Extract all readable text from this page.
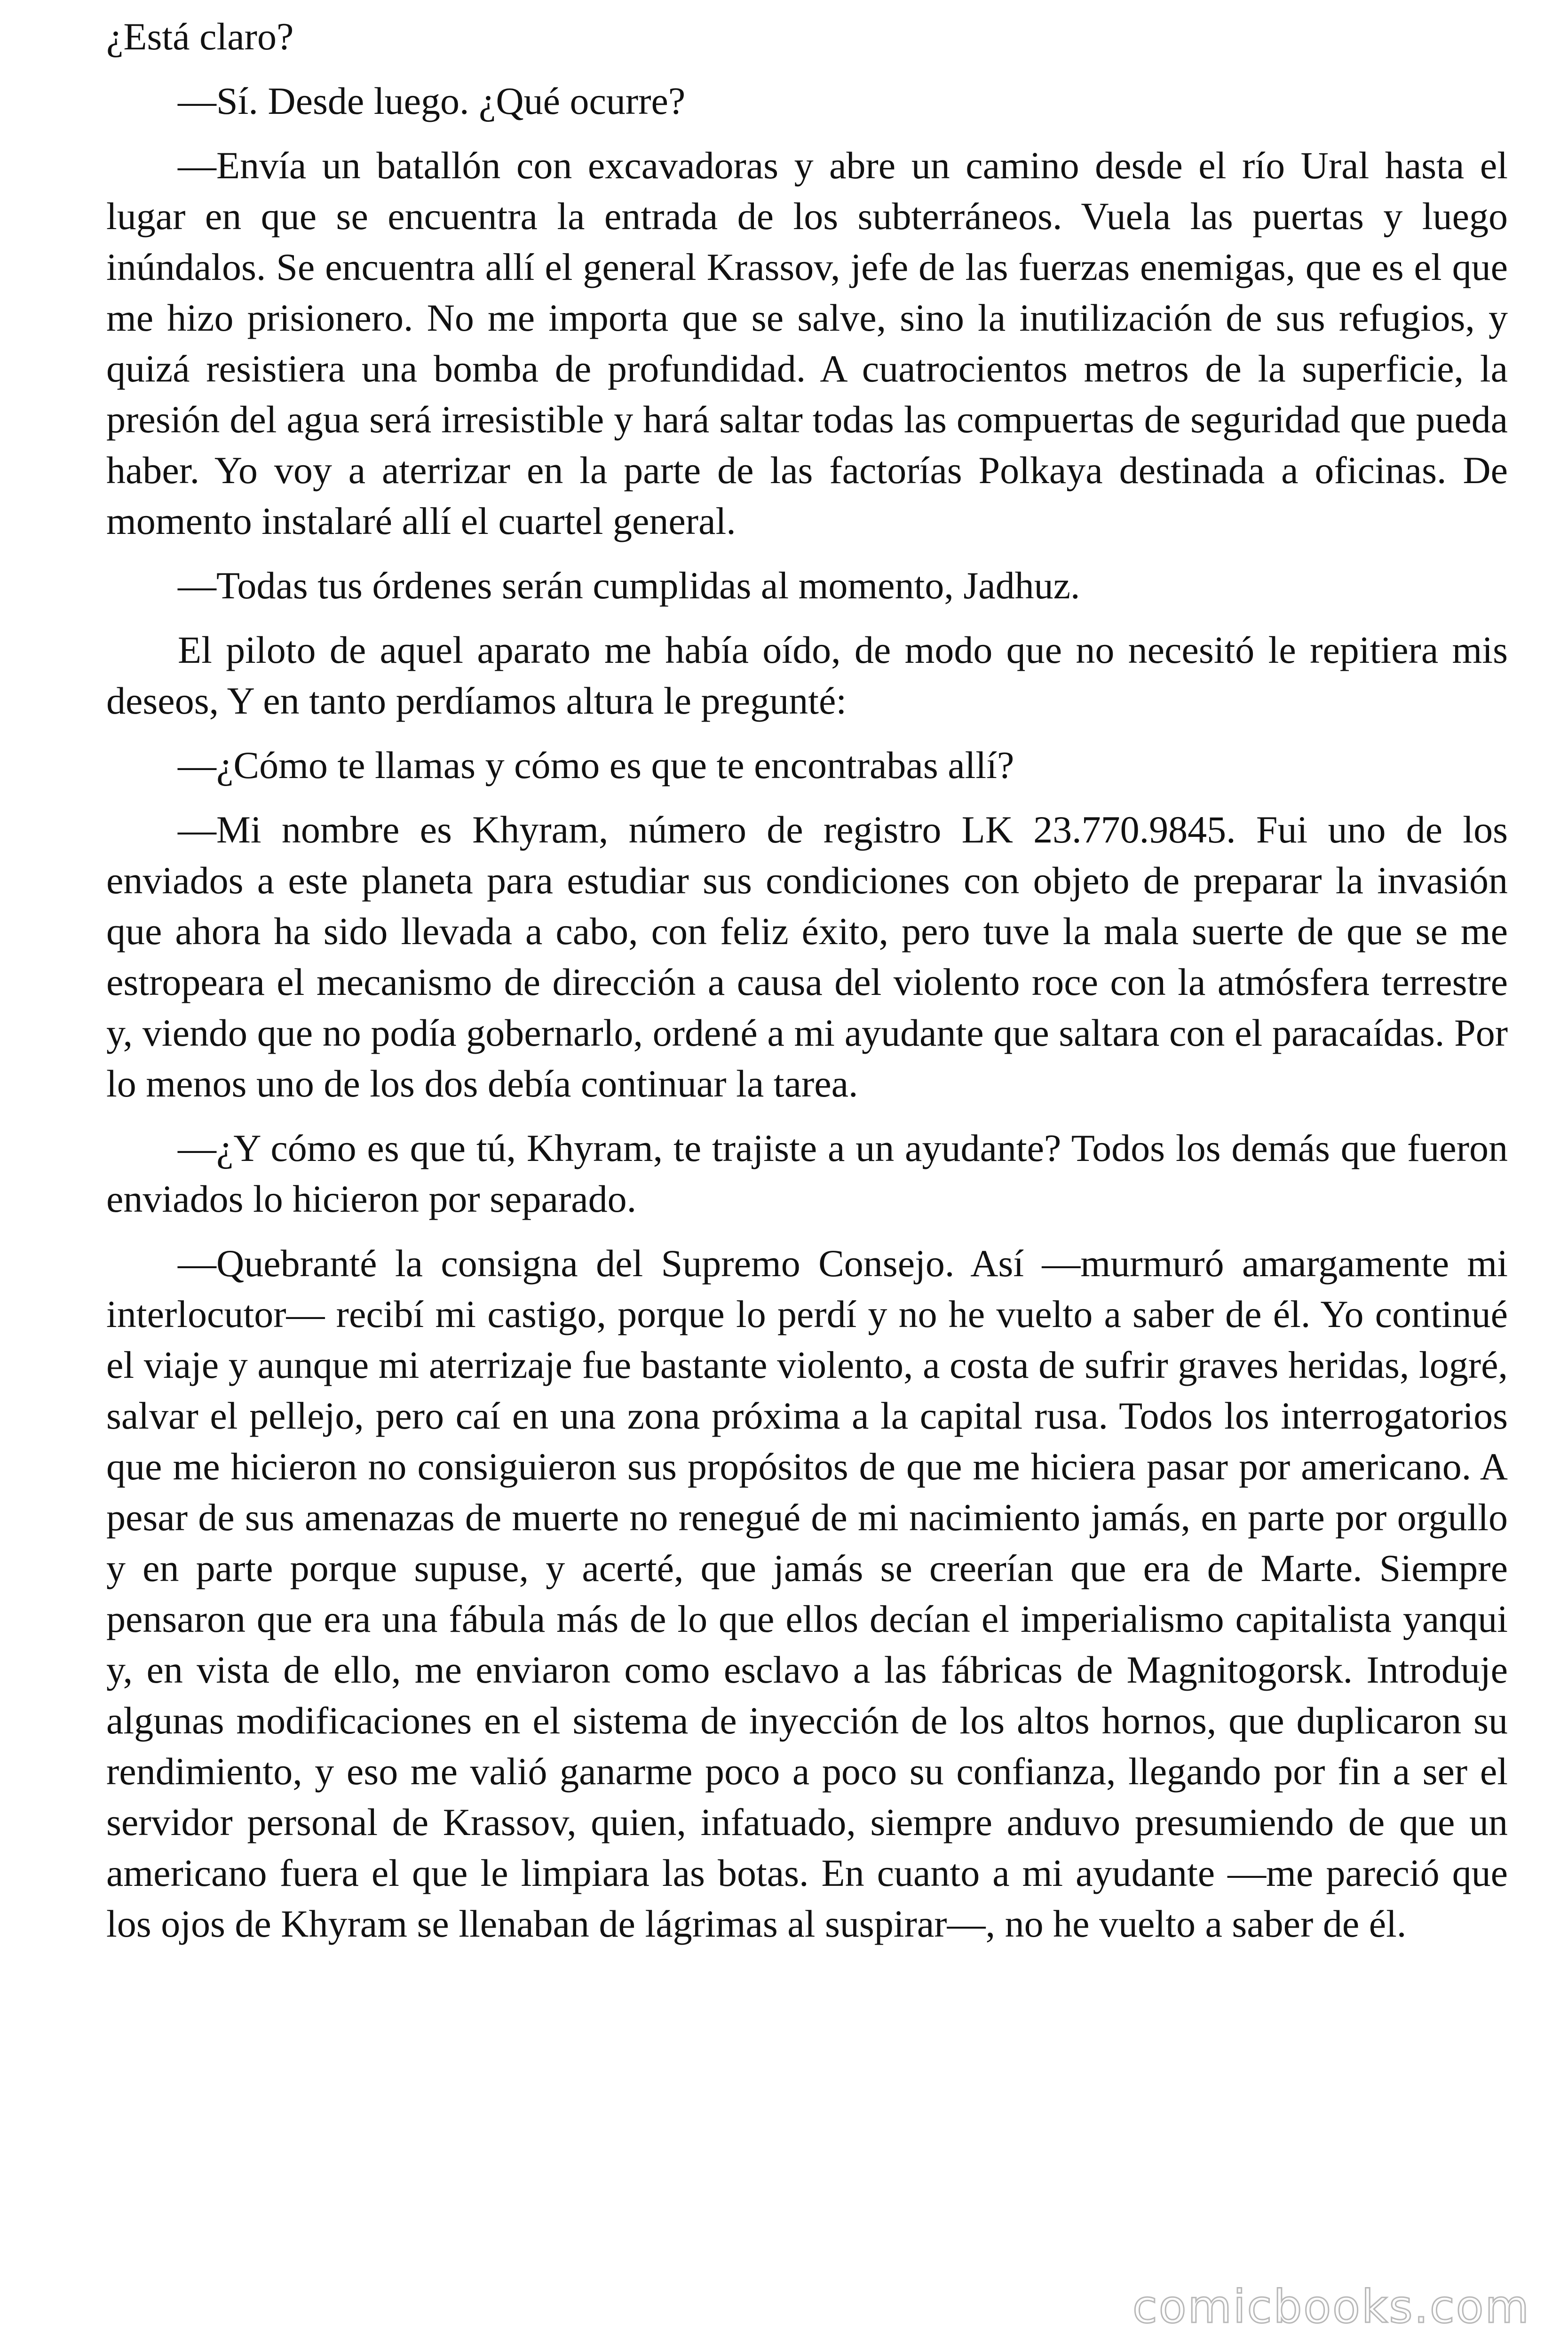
¿Está claro?

—Sí. Desde luego. ¿Qué ocurre?

—Envía un batallón con excavadoras y abre un camino desde el río Ural hasta el lugar en que se encuentra la entrada de los subterráneos. Vuela las puertas y luego inúndalos. Se encuentra allí el general Krassov, jefe de las fuerzas enemigas, que es el que me hizo prisionero. No me importa que se salve, sino la inutilización de sus refugios, y quizá resistiera una bomba de profundidad. A cuatrocientos metros de la superficie, la presión del agua será irresistible y hará saltar todas las compuertas de seguridad que pueda haber. Yo voy a aterrizar en la parte de las factorías Polkaya destinada a oficinas. De momento instalaré allí el cuartel general.

—Todas tus órdenes serán cumplidas al momento, Jadhuz.

El piloto de aquel aparato me había oído, de modo que no necesitó le repitiera mis deseos, Y en tanto perdíamos altura le pregunté:

—¿Cómo te llamas y cómo es que te encontrabas allí?

—Mi nombre es Khyram, número de registro LK 23.770.9845. Fui uno de los enviados a este planeta para estudiar sus condiciones con objeto de preparar la invasión que ahora ha sido llevada a cabo, con feliz éxito, pero tuve la mala suerte de que se me estropeara el mecanismo de dirección a causa del violento roce con la atmósfera terrestre y, viendo que no podía gobernarlo, ordené a mi ayudante que saltara con el paracaídas. Por lo menos uno de los dos debía continuar la tarea.

—¿Y cómo es que tú, Khyram, te trajiste a un ayudante? Todos los demás que fueron enviados lo hicieron por separado.

—Quebranté la consigna del Supremo Consejo. Así —murmuró amargamente mi interlocutor— recibí mi castigo, porque lo perdí y no he vuelto a saber de él. Yo continué el viaje y aunque mi aterrizaje fue bastante violento, a costa de sufrir graves heridas, logré, salvar el pellejo, pero caí en una zona próxima a la capital rusa. Todos los interrogatorios que me hicieron no consiguieron sus propósitos de que me hiciera pasar por americano. A pesar de sus amenazas de muerte no renegué de mi nacimiento jamás, en parte por orgullo y en parte porque supuse, y acerté, que jamás se creerían que era de Marte. Siempre pensaron que era una fábula más de lo que ellos decían el imperialismo capitalista yanqui y, en vista de ello, me enviaron como esclavo a las fábricas de Magnitogorsk. Introduje algunas modificaciones en el sistema de inyección de los altos hornos, que duplicaron su rendimiento, y eso me valió ganarme poco a poco su confianza, llegando por fin a ser el servidor personal de Krassov, quien, infatuado, siempre anduvo presumiendo de que un americano fuera el que le limpiara las botas. En cuanto a mi ayudante —me pareció que los ojos de Khyram se llenaban de lágrimas al suspirar—, no he vuelto a saber de él.

comicbooks.com
